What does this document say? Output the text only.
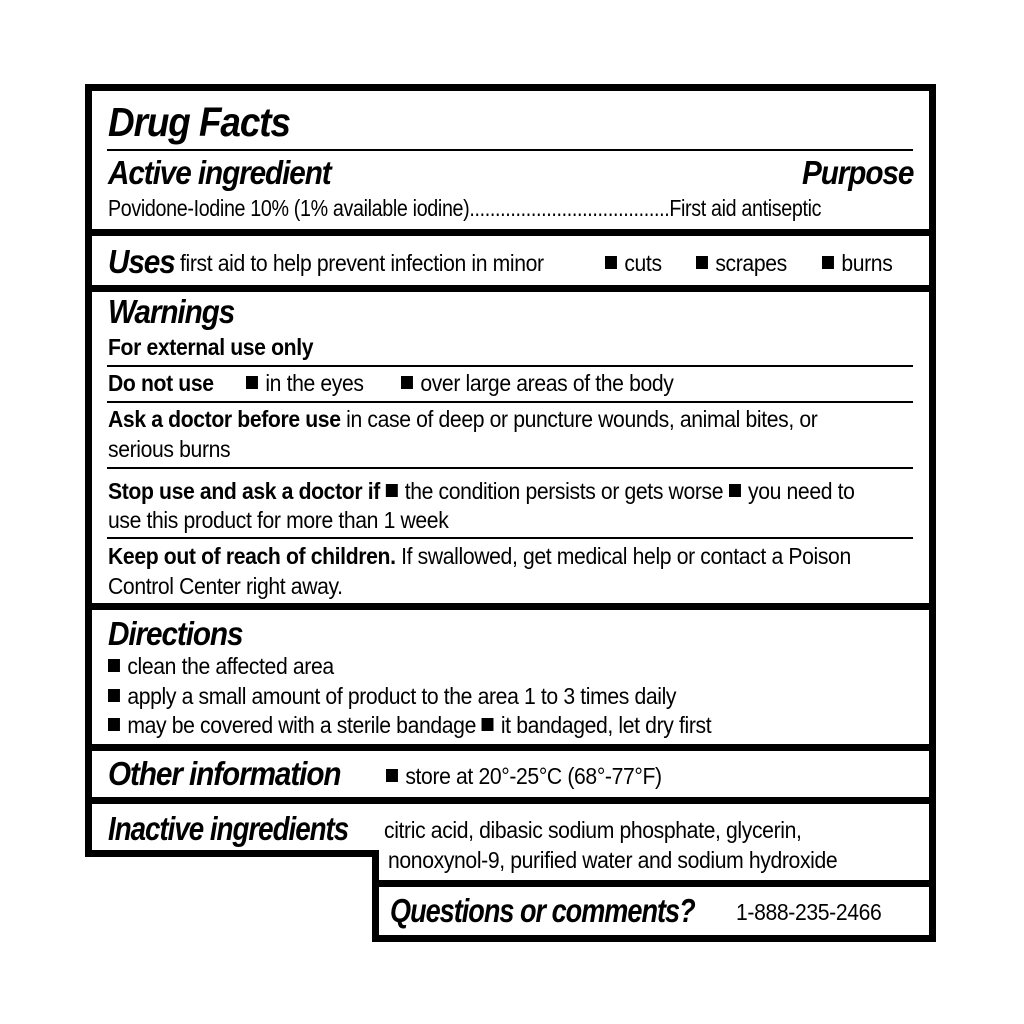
Drug Facts
Active ingredient	Purpose
Povidone-Iodine 10% (1% available iodine).......................................First aid antiseptic
Uses first aid to help prevent infection in minor	cuts	scrapes	burns
Warnings
For external use only
Do not use	in the eyes	over large areas of the body
Ask a doctor before use in case of deep or puncture wounds, animal bites, or
serious burns
Stop use and ask a doctor if the condition persists or gets worse you need to
use this product for more than 1 week
Keep out of reach of children. If swallowed, get medical help or contact a Poison
Control Center right away.
Directions
clean the affected area
apply a small amount of product to the area 1 to 3 times daily
may be covered with a sterile bandage it bandaged, let dry first
Other information	store at 20°-25°C (68°-77°F)
Inactive ingredients citric acid, dibasic sodium phosphate, glycerin,
nonoxynol-9, purified water and sodium hydroxide
Questions or comments? 1-888-235-2466
